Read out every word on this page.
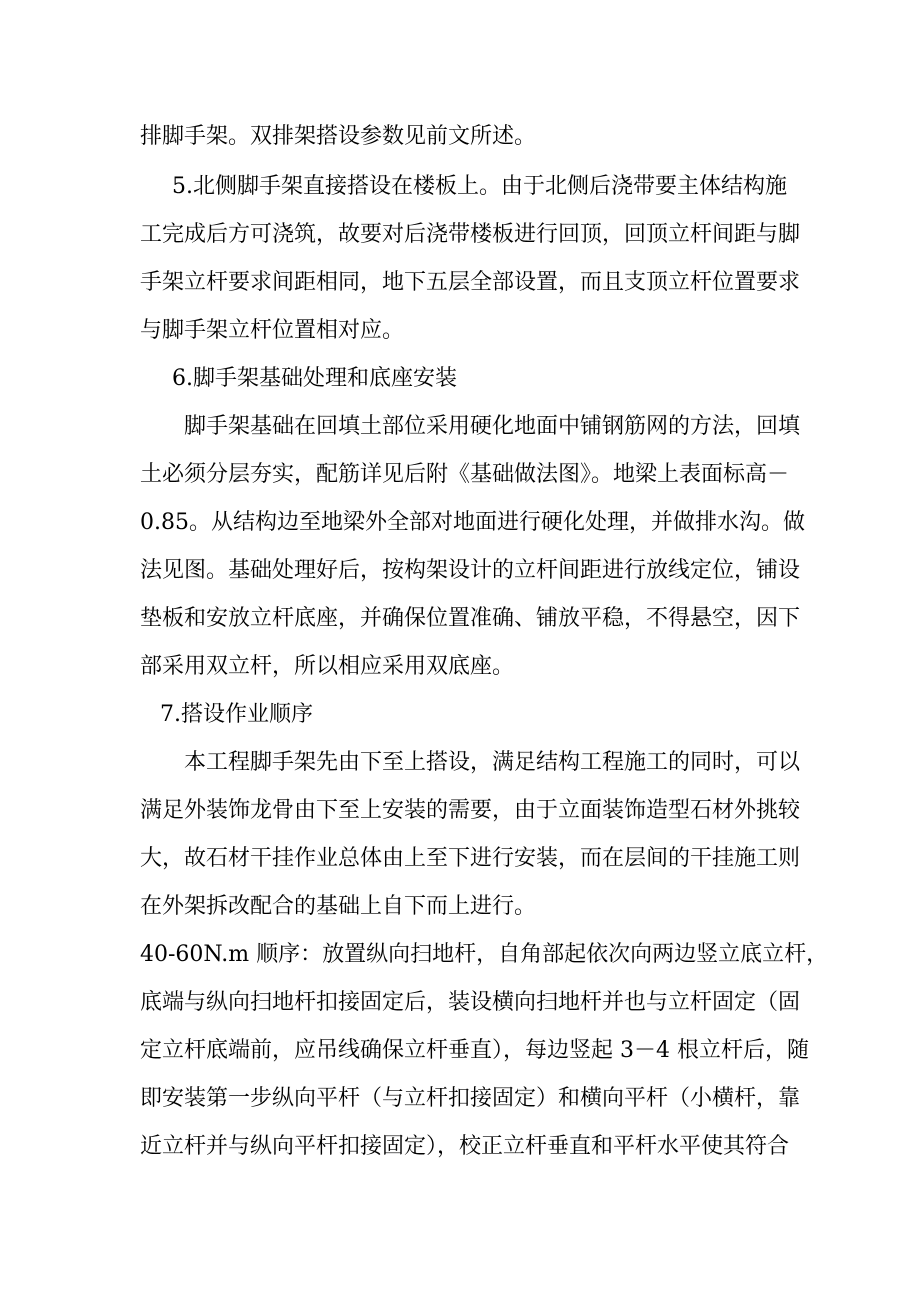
排脚手架。双排架搭设参数见前文所述。
5.北侧脚手架直接搭设在楼板上。由于北侧后浇带要主体结构施
工完成后方可浇筑，故要对后浇带楼板进行回顶，回顶立杆间距与脚
手架立杆要求间距相同，地下五层全部设置，而且支顶立杆位置要求
与脚手架立杆位置相对应。
6.脚手架基础处理和底座安装
脚手架基础在回填土部位采用硬化地面中铺钢筋网的方法，回填
土必须分层夯实，配筋详见后附《基础做法图》。地梁上表面标高－
0.85。从结构边至地梁外全部对地面进行硬化处理，并做排水沟。做
法见图。基础处理好后，按构架设计的立杆间距进行放线定位，铺设
垫板和安放立杆底座，并确保位置准确、铺放平稳，不得悬空，因下
部采用双立杆，所以相应采用双底座。
7.搭设作业顺序
本工程脚手架先由下至上搭设，满足结构工程施工的同时，可以
满足外装饰龙骨由下至上安装的需要，由于立面装饰造型石材外挑较
大，故石材干挂作业总体由上至下进行安装，而在层间的干挂施工则
在外架拆改配合的基础上自下而上进行。
40-60N.m 顺序：放置纵向扫地杆，自角部起依次向两边竖立底立杆，
底端与纵向扫地杆扣接固定后，装设横向扫地杆并也与立杆固定（固
定立杆底端前，应吊线确保立杆垂直），每边竖起 3－4 根立杆后，随
即安装第一步纵向平杆（与立杆扣接固定）和横向平杆（小横杆，靠
近立杆并与纵向平杆扣接固定），校正立杆垂直和平杆水平使其符合
